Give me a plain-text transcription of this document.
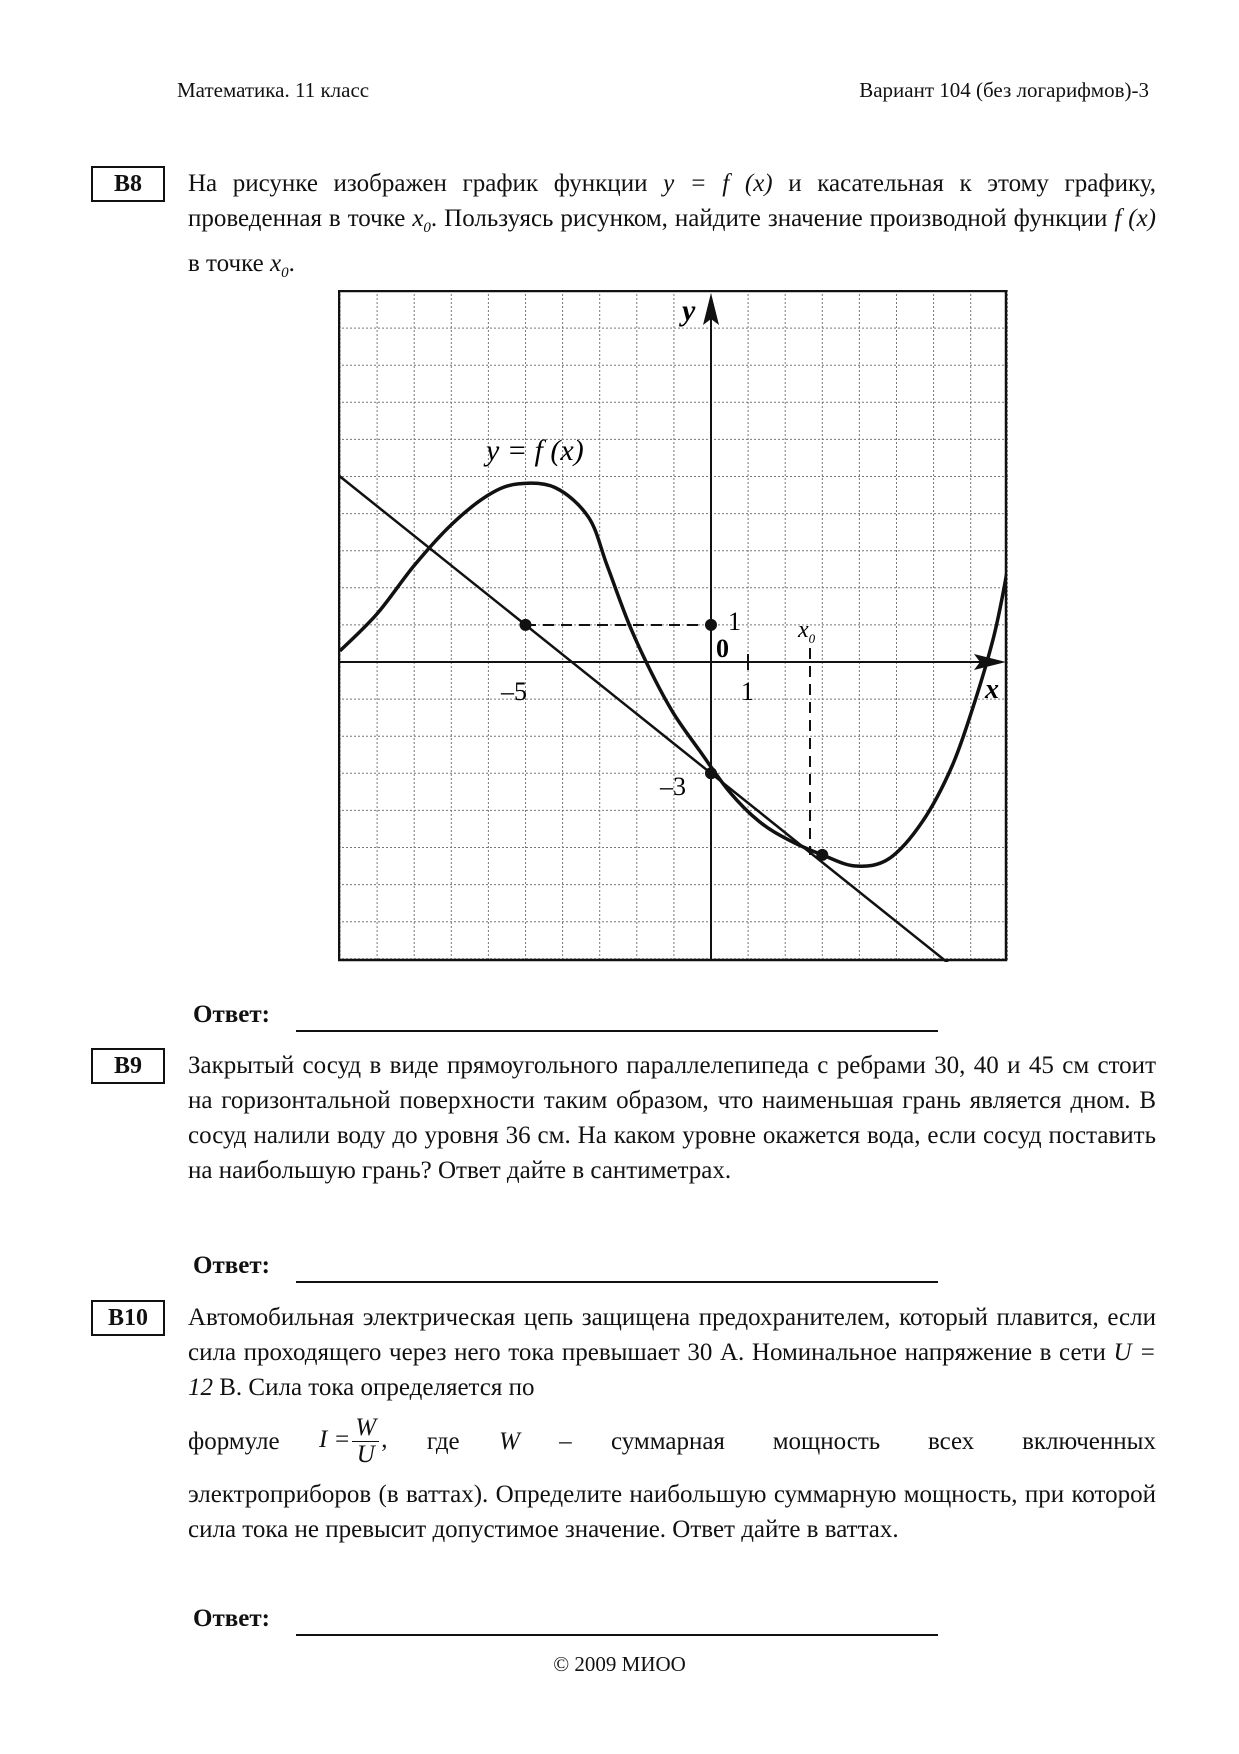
Математика. 11 класс	Вариант 104 (без логарифмов)-3
B8	На рисунке изображен график функции y = f (x) и касательная к этому графику, проведенная в точке $x_0$. Пользуясь рисунком, найдите значение производной функции f (x) в точке $x_0$.

y
x
0
1
1
–5
–3
$x_0$
y = f (x)
Ответ:
B9	Закрытый сосуд в виде прямоугольного параллелепипеда с ребрами 30, 40 и 45 см стоит на горизонтальной поверхности таким образом, что наименьшая грань является дном. В сосуд налили воду до уровня 36 см. На каком уровне окажется вода, если сосуд поставить на наибольшую грань? Ответ дайте в сантиметрах.

Ответ:
B10	Автомобильная электрическая цепь защищена предохранителем, который плавится, если сила проходящего через него тока превышает 30 А. Номинальное напряжение в сети U = 12 В. Сила тока определяется по

формуле $I = \frac{W}{U}$ , где W – суммарная мощность всех включенных

электроприборов (в ваттах). Определите наибольшую суммарную мощность, при которой сила тока не превысит допустимое значение. Ответ дайте в ваттах.

Ответ:
© 2009 МИОО
